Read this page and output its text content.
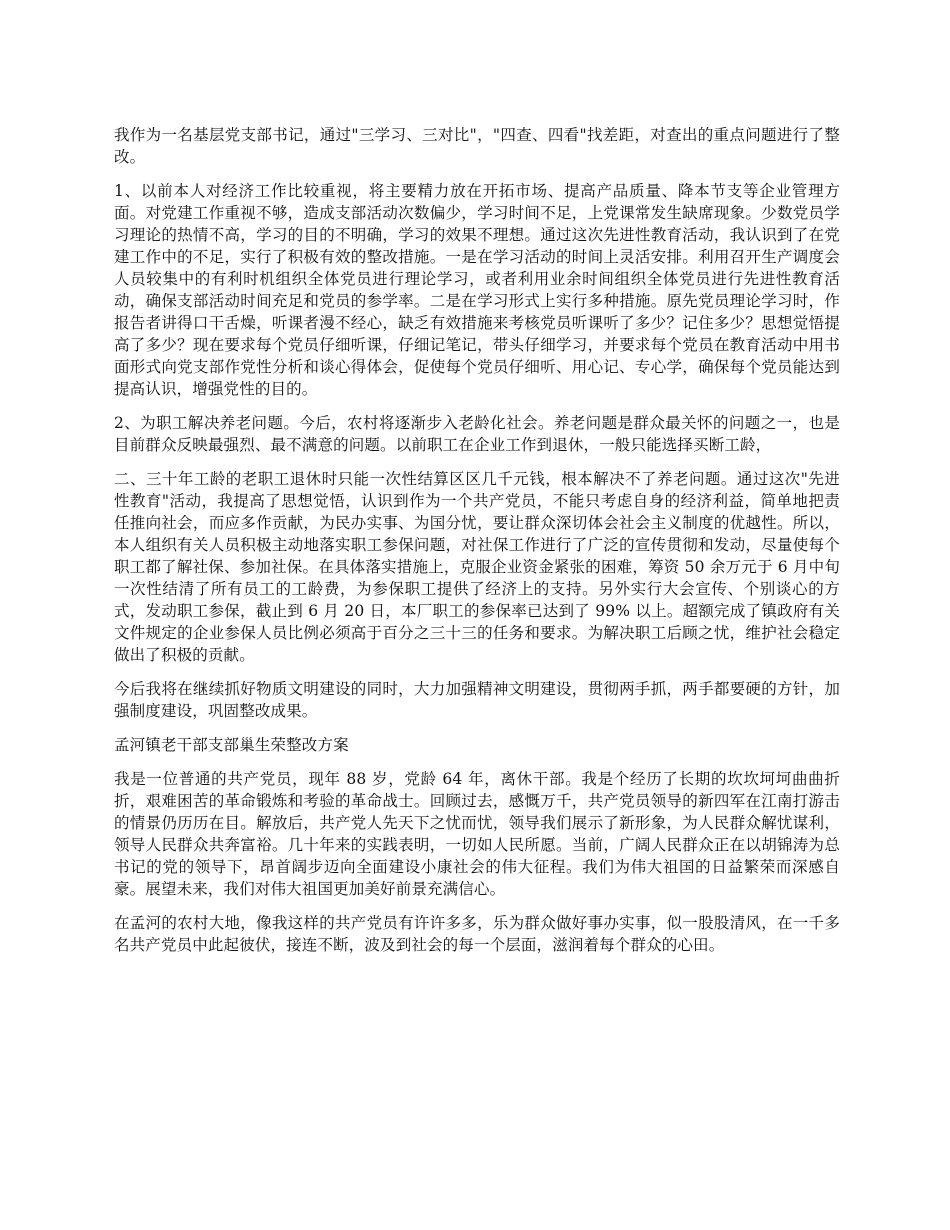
我作为一名基层党支部书记，通过"三学习、三对比"，"四查、四看"找差距，对查出的重点问题进行了整改。

1、以前本人对经济工作比较重视，将主要精力放在开拓市场、提高产品质量、降本节支等企业管理方面。对党建工作重视不够，造成支部活动次数偏少，学习时间不足，上党课常发生缺席现象。少数党员学习理论的热情不高，学习的目的不明确，学习的效果不理想。通过这次先进性教育活动，我认识到了在党建工作中的不足，实行了积极有效的整改措施。一是在学习活动的时间上灵活安排。利用召开生产调度会人员较集中的有利时机组织全体党员进行理论学习，或者利用业余时间组织全体党员进行先进性教育活动，确保支部活动时间充足和党员的参学率。二是在学习形式上实行多种措施。原先党员理论学习时，作报告者讲得口干舌燥，听课者漫不经心，缺乏有效措施来考核党员听课听了多少？记住多少？思想觉悟提高了多少？现在要求每个党员仔细听课，仔细记笔记，带头仔细学习，并要求每个党员在教育活动中用书面形式向党支部作党性分析和谈心得体会，促使每个党员仔细听、用心记、专心学，确保每个党员能达到提高认识，增强党性的目的。

2、为职工解决养老问题。今后，农村将逐渐步入老龄化社会。养老问题是群众最关怀的问题之一，也是目前群众反映最强烈、最不满意的问题。以前职工在企业工作到退休，一般只能选择买断工龄，

二、三十年工龄的老职工退休时只能一次性结算区区几千元钱，根本解决不了养老问题。通过这次"先进性教育"活动，我提高了思想觉悟，认识到作为一个共产党员，不能只考虑自身的经济利益，简单地把责任推向社会，而应多作贡献，为民办实事、为国分忧，要让群众深切体会社会主义制度的优越性。所以，本人组织有关人员积极主动地落实职工参保问题，对社保工作进行了广泛的宣传贯彻和发动，尽量使每个职工都了解社保、参加社保。在具体落实措施上，克服企业资金紧张的困难，筹资 50 余万元于 6 月中旬一次性结清了所有员工的工龄费，为参保职工提供了经济上的支持。另外实行大会宣传、个别谈心的方式，发动职工参保，截止到 6 月 20 日，本厂职工的参保率已达到了 99% 以上。超额完成了镇政府有关文件规定的企业参保人员比例必须高于百分之三十三的任务和要求。为解决职工后顾之忧，维护社会稳定做出了积极的贡献。

今后我将在继续抓好物质文明建设的同时，大力加强精神文明建设，贯彻两手抓，两手都要硬的方针，加强制度建设，巩固整改成果。

孟河镇老干部支部巢生荣整改方案

我是一位普通的共产党员，现年 88 岁，党龄 64 年，离休干部。我是个经历了长期的坎坎坷坷曲曲折折，艰难困苦的革命锻炼和考验的革命战士。回顾过去，感慨万千，共产党员领导的新四军在江南打游击的情景仍历历在目。解放后，共产党人先天下之忧而忧，领导我们展示了新形象，为人民群众解忧谋利，领导人民群众共奔富裕。几十年来的实践表明，一切如人民所愿。当前，广阔人民群众正在以胡锦涛为总书记的党的领导下，昂首阔步迈向全面建设小康社会的伟大征程。我们为伟大祖国的日益繁荣而深感自豪。展望未来，我们对伟大祖国更加美好前景充满信心。

在孟河的农村大地，像我这样的共产党员有许许多多，乐为群众做好事办实事，似一股股清风，在一千多名共产党员中此起彼伏，接连不断，波及到社会的每一个层面，滋润着每个群众的心田。
